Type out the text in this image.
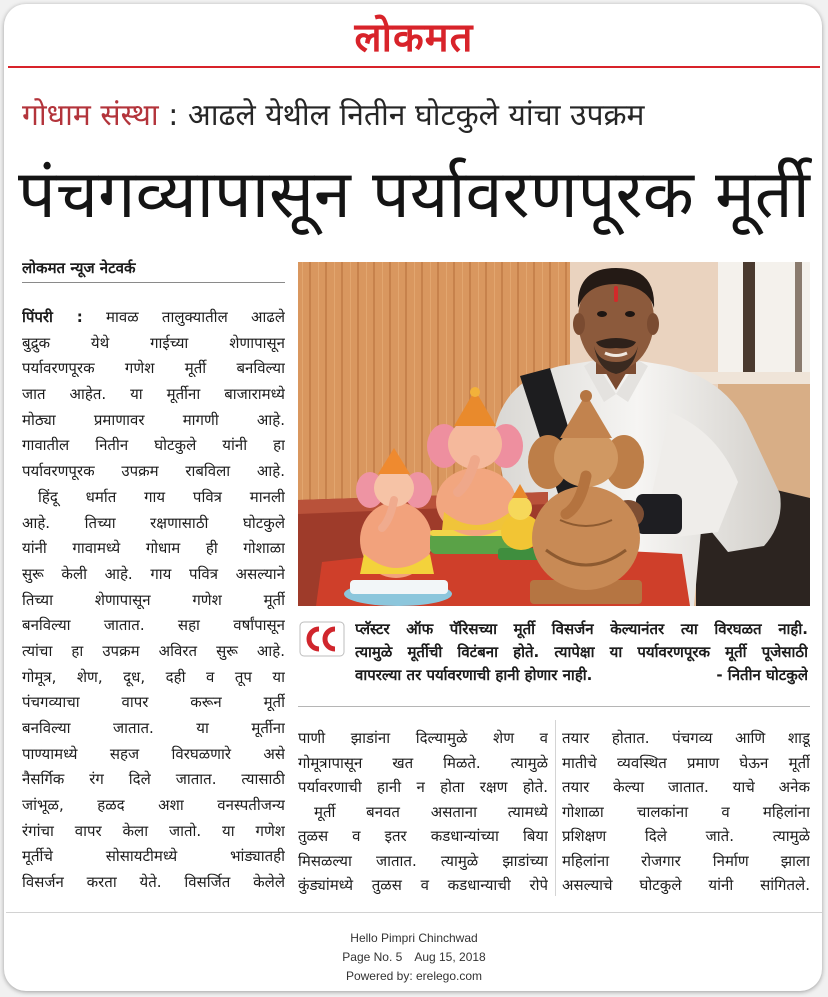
लोकमत
गोधाम संस्था : आढले येथील नितीन घोटकुले यांचा उपक्रम
पंचगव्यापासून पर्यावरणपूरक मूर्ती
लोकमत न्यूज नेटवर्क
पिंपरी : मावळ तालुक्यातील आढले
बुद्रुक येथे गाईच्या शेणापासून
पर्यावरणपूरक गणेश मूर्ती बनविल्या
जात आहेत. या मूर्तीना बाजारामध्ये
मोठ्या प्रमाणावर मागणी आहे.
गावातील नितीन घोटकुले यांनी हा
पर्यावरणपूरक उपक्रम राबविला आहे.
हिंदू धर्मात गाय पवित्र मानली
आहे. तिच्या रक्षणासाठी घोटकुले
यांनी गावामध्ये गोधाम ही गोशाळा
सुरू केली आहे. गाय पवित्र असल्याने
तिच्या शेणापासून गणेश मूर्ती
बनविल्या जातात. सहा वर्षांपासून
त्यांचा हा उपक्रम अविरत सुरू आहे.
गोमूत्र, शेण, दूध, दही व तूप या
पंचगव्याचा वापर करून मूर्ती
बनविल्या जातात. या मूर्तीना
पाण्यामध्ये सहज विरघळणारे असे
नैसर्गिक रंग दिले जातात. त्यासाठी
जांभूळ, हळद अशा वनस्पतीजन्य
रंगांचा वापर केला जातो. या गणेश
मूर्तीचे सोसायटीमध्ये भांड्यातही
विसर्जन करता येते. विसर्जित केलेले
प्लॅस्टर ऑफ पॅरिसच्या मूर्ती विसर्जन केल्यानंतर त्या विरघळत नाही.
त्यामुळे मूर्तीची विटंबना होते. त्यापेक्षा या पर्यावरणपूरक मूर्ती पूजेसाठी
वापरल्या तर पर्यावरणाची हानी होणार नाही.	- नितीन घोटकुले
पाणी झाडांना दिल्यामुळे शेण व
गोमूत्रापासून खत मिळते. त्यामुळे
पर्यावरणाची हानी न होता रक्षण होते.
मूर्ती बनवत असताना त्यामध्ये
तुळस व इतर कडधान्यांच्या बिया
मिसळल्या जातात. त्यामुळे झाडांच्या
कुंड्यांमध्ये तुळस व कडधान्याची रोपे
तयार होतात. पंचगव्य आणि शाडू
मातीचे व्यवस्थित प्रमाण घेऊन मूर्ती
तयार केल्या जातात. याचे अनेक
गोशाळा चालकांना व महिलांना
प्रशिक्षण दिले जाते. त्यामुळे
महिलांना रोजगार निर्माण झाला
असल्याचे घोटकुले यांनी सांगितले.
Hello Pimpri Chinchwad
Page No. 5 Aug 15, 2018
Powered by: erelego.com
